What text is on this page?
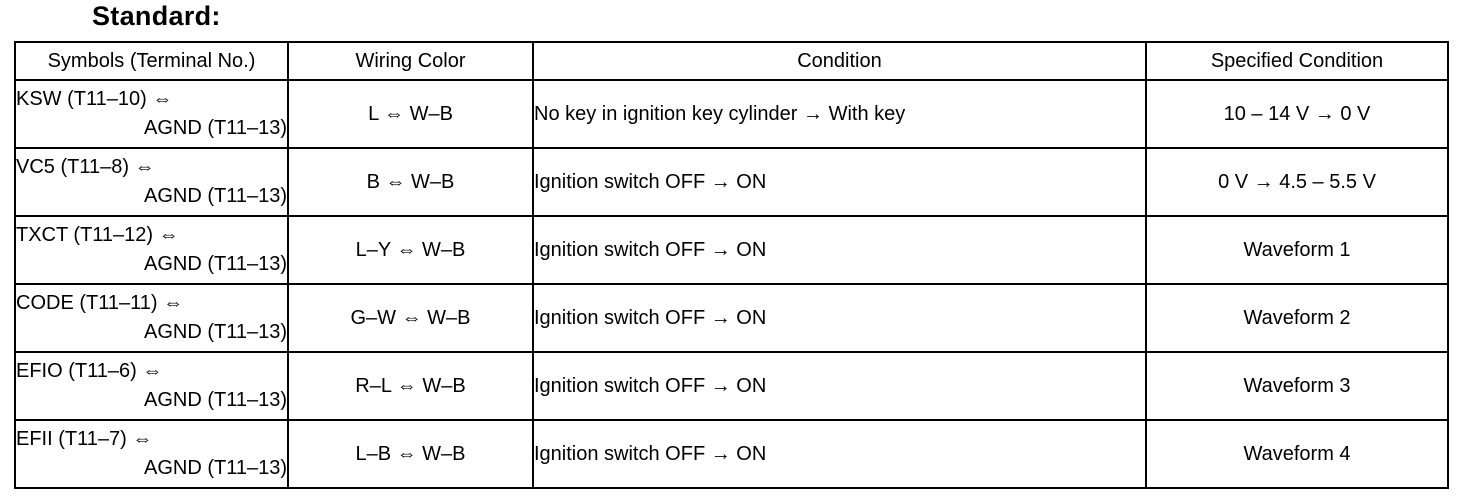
Standard:
Symbols (Terminal No.)	Wiring Color	Condition	Specified Condition

KSW (T11–10) ⇔
AGND (T11–13)	L ⇔ W–B	No key in ignition key cylinder → With key	10 – 14 V → 0 V

VC5 (T11–8) ⇔
AGND (T11–13)	B ⇔ W–B	Ignition switch OFF → ON	0 V → 4.5 – 5.5 V

TXCT (T11–12) ⇔
AGND (T11–13)	L–Y ⇔ W–B	Ignition switch OFF → ON	Waveform 1

CODE (T11–11) ⇔
AGND (T11–13)	G–W ⇔ W–B	Ignition switch OFF → ON	Waveform 2

EFIO (T11–6) ⇔
AGND (T11–13)	R–L ⇔ W–B	Ignition switch OFF → ON	Waveform 3

EFII (T11–7) ⇔
AGND (T11–13)	L–B ⇔ W–B	Ignition switch OFF → ON	Waveform 4
